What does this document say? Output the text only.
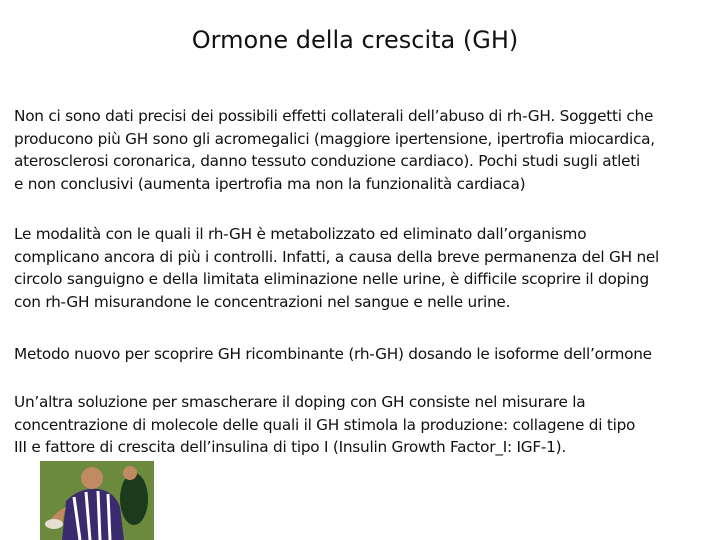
Ormone della crescita (GH)

Non ci sono dati precisi dei possibili effetti collaterali dell’abuso di rh-GH. Soggetti che
producono più GH sono gli acromegalici (maggiore ipertensione, ipertrofia miocardica,
aterosclerosi coronarica, danno tessuto conduzione cardiaco). Pochi studi sugli atleti
e non conclusivi (aumenta ipertrofia ma non la funzionalità cardiaca)

Le modalità con le quali il rh-GH è metabolizzato ed eliminato dall’organismo
complicano ancora di più i controlli. Infatti, a causa della breve permanenza del GH nel
circolo sanguigno e della limitata eliminazione nelle urine, è difficile scoprire il doping
con rh-GH misurandone le concentrazioni nel sangue e nelle urine.

Metodo nuovo per scoprire GH ricombinante (rh-GH) dosando le isoforme dell’ormone

Un’altra soluzione per smascherare il doping con GH consiste nel misurare la
concentrazione di molecole delle quali il GH stimola la produzione: collagene di tipo
III e fattore di crescita dell’insulina di tipo I (Insulin Growth Factor_I: IGF-1).
